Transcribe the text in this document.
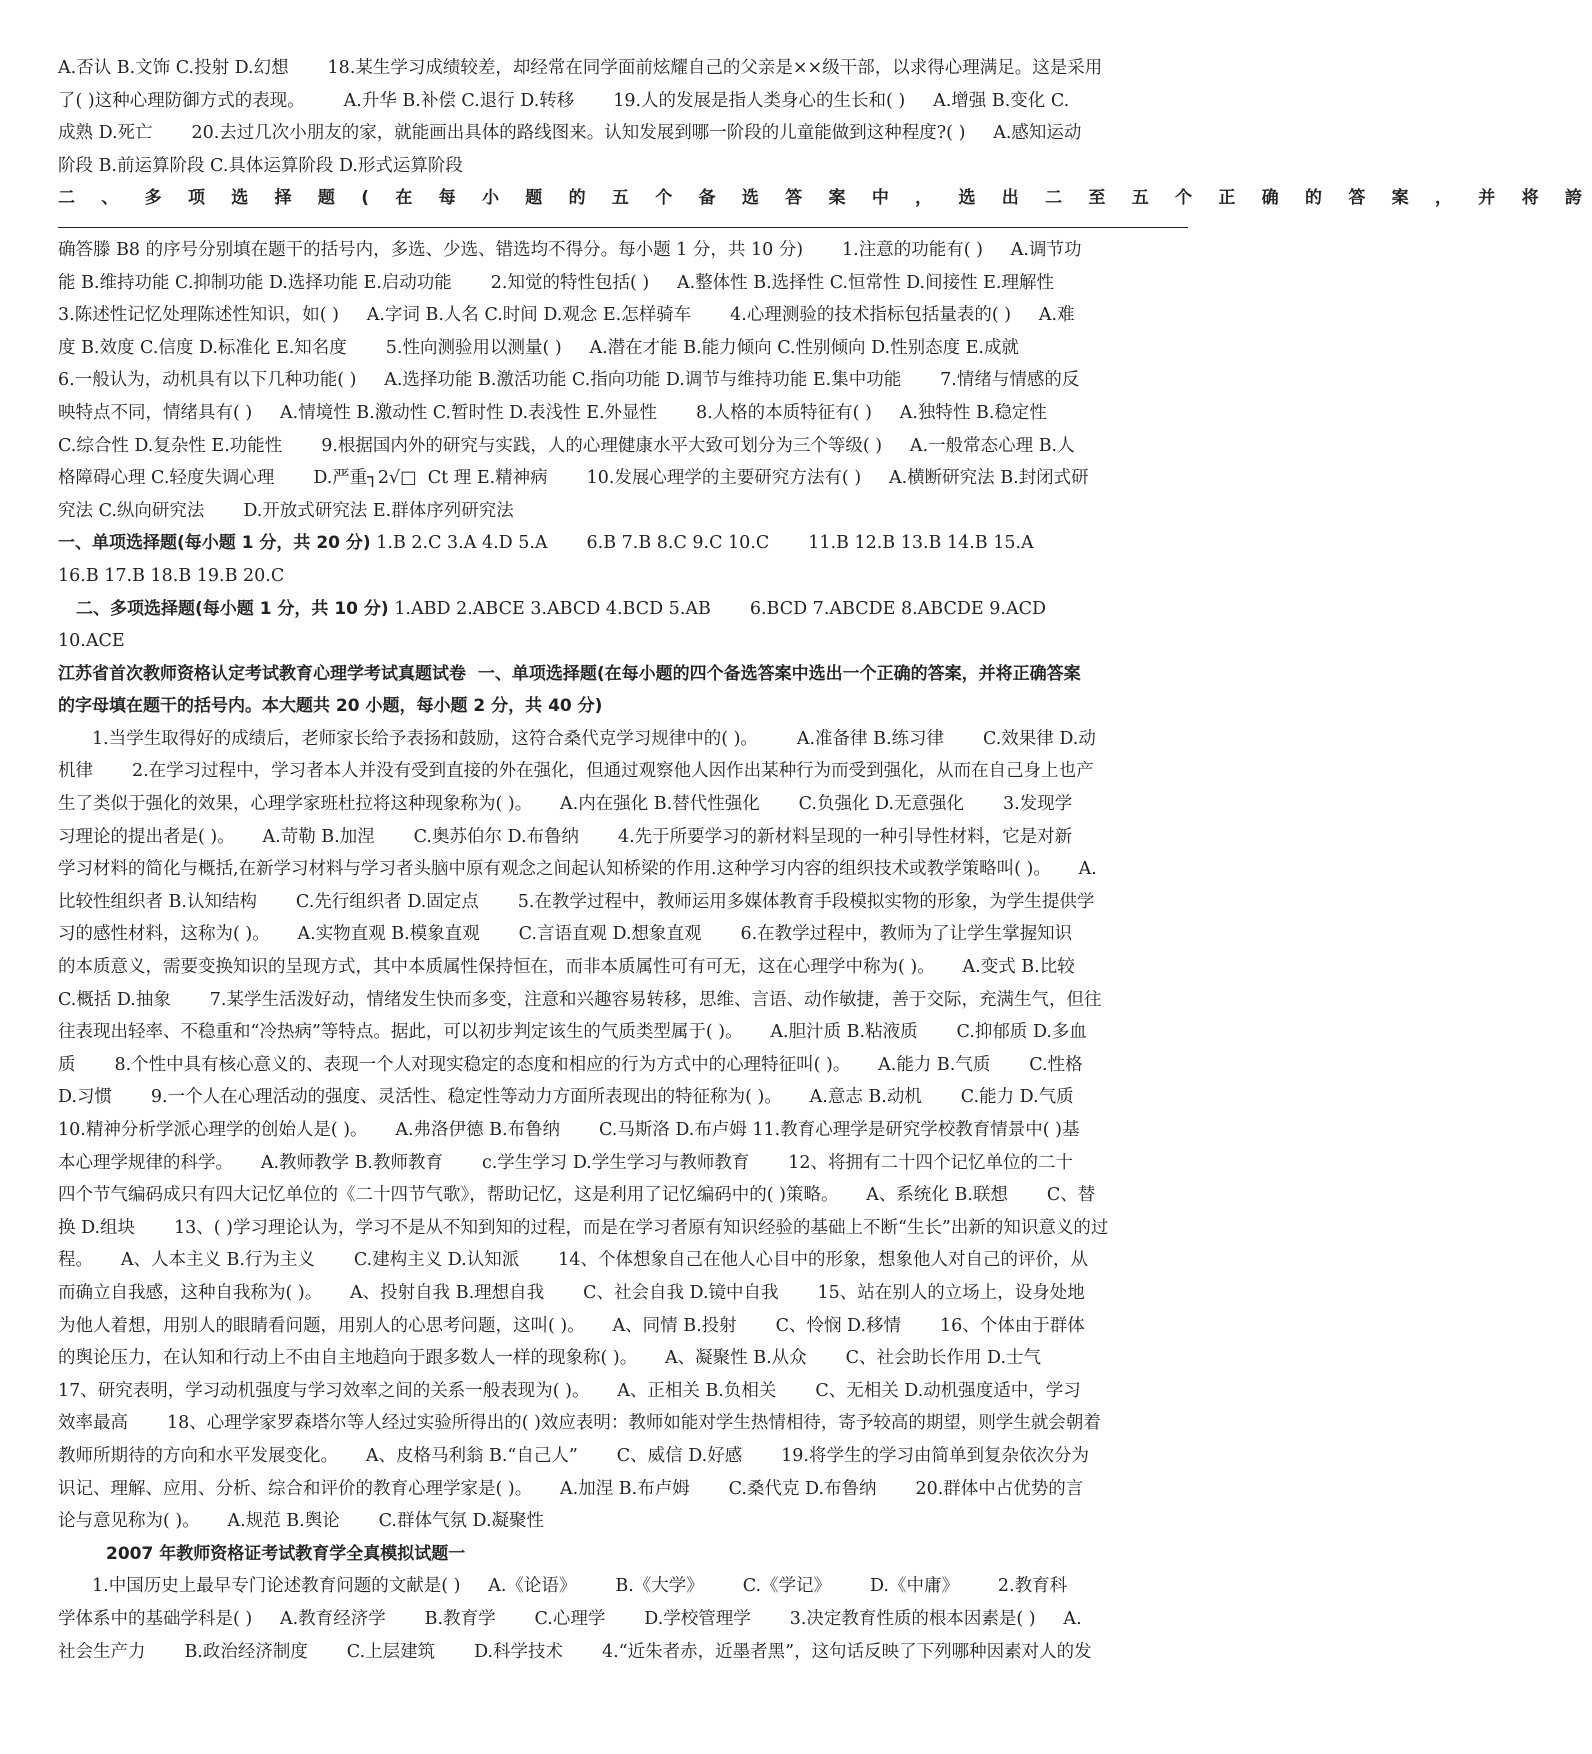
A.否认 B.文饰 C.投射 D.幻想       18.某生学习成绩较差，却经常在同学面前炫耀自己的父亲是××级干部，以求得心理满足。这是采用
了( )这种心理防御方式的表现。       A.升华 B.补偿 C.退行 D.转移       19.人的发展是指人类身心的生长和( )     A.增强 B.变化 C.
成熟 D.死亡       20.去过几次小朋友的家，就能画出具体的路线图来。认知发展到哪一阶段的儿童能做到这种程度?( )     A.感知运动
阶段 B.前运算阶段 C.具体运算阶段 D.形式运算阶段
二 、 多 项 选 择 题 ( 在 每 小 题 的 五 个 备 选 答 案 中 ， 选 出 二 至 五 个 正 确 的 答 案 ， 并 将 誇
确答滕 B8 的序号分别填在题干的括号内，多选、少选、错选均不得分。每小题 1 分，共 10 分)       1.注意的功能有( )     A.调节功
能 B.维持功能 C.抑制功能 D.选择功能 E.启动功能       2.知觉的特性包括( )     A.整体性 B.选择性 C.恒常性 D.间接性 E.理解性
3.陈述性记忆处理陈述性知识，如( )     A.字词 B.人名 C.时间 D.观念 E.怎样骑车       4.心理测验的技术指标包括量表的( )     A.难
度 B.效度 C.信度 D.标准化 E.知名度       5.性向测验用以测量( )     A.潜在才能 B.能力倾向 C.性别倾向 D.性别态度 E.成就
6.一般认为，动机具有以下几种功能( )     A.选择功能 B.激活功能 C.指向功能 D.调节与维持功能 E.集中功能       7.情绪与情感的反
映特点不同，情绪具有( )     A.情境性 B.激动性 C.暂时性 D.表浅性 E.外显性       8.人格的本质特征有( )     A.独特性 B.稳定性
C.综合性 D.复杂性 E.功能性       9.根据国内外的研究与实践，人的心理健康水平大致可划分为三个等级( )     A.一般常态心理 B.人
格障碍心理 C.轻度失调心理       D.严重┐2√□  Ct 理 E.精神病       10.发展心理学的主要研究方法有( )     A.横断研究法 B.封闭式研
究法 C.纵向研究法       D.开放式研究法 E.群体序列研究法
一、单项选择题(每小题 1 分，共 20 分) 1.B 2.C 3.A 4.D 5.A       6.B 7.B 8.C 9.C 10.C       11.B 12.B 13.B 14.B 15.A
16.B 17.B 18.B 19.B 20.C
二、多项选择题(每小题 1 分，共 10 分) 1.ABD 2.ABCE 3.ABCD 4.BCD 5.AB       6.BCD 7.ABCDE 8.ABCDE 9.ACD
10.ACE
江苏省首次教师资格认定考试教育心理学考试真题试卷  一、单项选择题(在每小题的四个备选答案中选出一个正确的答案，并将正确答案
的字母填在题干的括号内。本大题共 20 小题，每小题 2 分，共 40 分)
1.当学生取得好的成绩后，老师家长给予表扬和鼓励，这符合桑代克学习规律中的( )。       A.准备律 B.练习律       C.效果律 D.动
机律       2.在学习过程中，学习者本人并没有受到直接的外在强化，但通过观察他人因作出某种行为而受到强化，从而在自己身上也产
生了类似于强化的效果，心理学家班杜拉将这种现象称为( )。     A.内在强化 B.替代性强化       C.负强化 D.无意强化       3.发现学
习理论的提出者是( )。     A.苛勒 B.加涅       C.奥苏伯尔 D.布鲁纳       4.先于所要学习的新材料呈现的一种引导性材料，它是对新
学习材料的简化与概括,在新学习材料与学习者头脑中原有观念之间起认知桥梁的作用.这种学习内容的组织技术或教学策略叫( )。     A.
比较性组织者 B.认知结构       C.先行组织者 D.固定点       5.在教学过程中，教师运用多媒体教育手段模拟实物的形象，为学生提供学
习的感性材料，这称为( )。     A.实物直观 B.模象直观       C.言语直观 D.想象直观       6.在教学过程中，教师为了让学生掌握知识
的本质意义，需要变换知识的呈现方式，其中本质属性保持恒在，而非本质属性可有可无，这在心理学中称为( )。     A.变式 B.比较
C.概括 D.抽象       7.某学生活泼好动，情绪发生快而多变，注意和兴趣容易转移，思维、言语、动作敏捷，善于交际，充满生气，但往
往表现出轻率、不稳重和“冷热病”等特点。据此，可以初步判定该生的气质类型属于( )。     A.胆汁质 B.粘液质       C.抑郁质 D.多血
质       8.个性中具有核心意义的、表现一个人对现实稳定的态度和相应的行为方式中的心理特征叫( )。     A.能力 B.气质       C.性格
D.习惯       9.一个人在心理活动的强度、灵活性、稳定性等动力方面所表现出的特征称为( )。     A.意志 B.动机       C.能力 D.气质
10.精神分析学派心理学的创始人是( )。     A.弗洛伊德 B.布鲁纳       C.马斯洛 D.布卢姆 11.教育心理学是研究学校教育情景中( )基
本心理学规律的科学。     A.教师教学 B.教师教育       c.学生学习 D.学生学习与教师教育       12、将拥有二十四个记忆单位的二十
四个节气编码成只有四大记忆单位的《二十四节气歌》，帮助记忆，这是利用了记忆编码中的( )策略。     A、系统化 B.联想       C、替
换 D.组块       13、( )学习理论认为，学习不是从不知到知的过程，而是在学习者原有知识经验的基础上不断“生长”出新的知识意义的过
程。     A、人本主义 B.行为主义       C.建构主义 D.认知派       14、个体想象自己在他人心目中的形象，想象他人对自己的评价，从
而确立自我感，这种自我称为( )。     A、投射自我 B.理想自我       C、社会自我 D.镜中自我       15、站在别人的立场上，设身处地
为他人着想，用别人的眼睛看问题，用别人的心思考问题，这叫( )。     A、同情 B.投射       C、怜悯 D.移情       16、个体由于群体
的舆论压力，在认知和行动上不由自主地趋向于跟多数人一样的现象称( )。     A、凝聚性 B.从众       C、社会助长作用 D.士气
17、研究表明，学习动机强度与学习效率之间的关系一般表现为( )。     A、正相关 B.负相关       C、无相关 D.动机强度适中，学习
效率最高       18、心理学家罗森塔尔等人经过实验所得出的( )效应表明：教师如能对学生热情相待，寄予较高的期望，则学生就会朝着
教师所期待的方向和水平发展变化。     A、皮格马利翁 B.“自己人”       C、威信 D.好感       19.将学生的学习由简单到复杂依次分为
识记、理解、应用、分析、综合和评价的教育心理学家是( )。     A.加涅 B.布卢姆       C.桑代克 D.布鲁纳       20.群体中占优势的言
论与意见称为( )。     A.规范 B.舆论       C.群体气氛 D.凝聚性
2007 年教师资格证考试教育学全真模拟试题一
1.中国历史上最早专门论述教育问题的文献是( )     A.《论语》       B.《大学》       C.《学记》       D.《中庸》       2.教育科
学体系中的基础学科是( )     A.教育经济学       B.教育学       C.心理学       D.学校管理学       3.决定教育性质的根本因素是( )     A.
社会生产力       B.政治经济制度       C.上层建筑       D.科学技术       4.“近朱者赤，近墨者黑”，这句话反映了下列哪种因素对人的发
